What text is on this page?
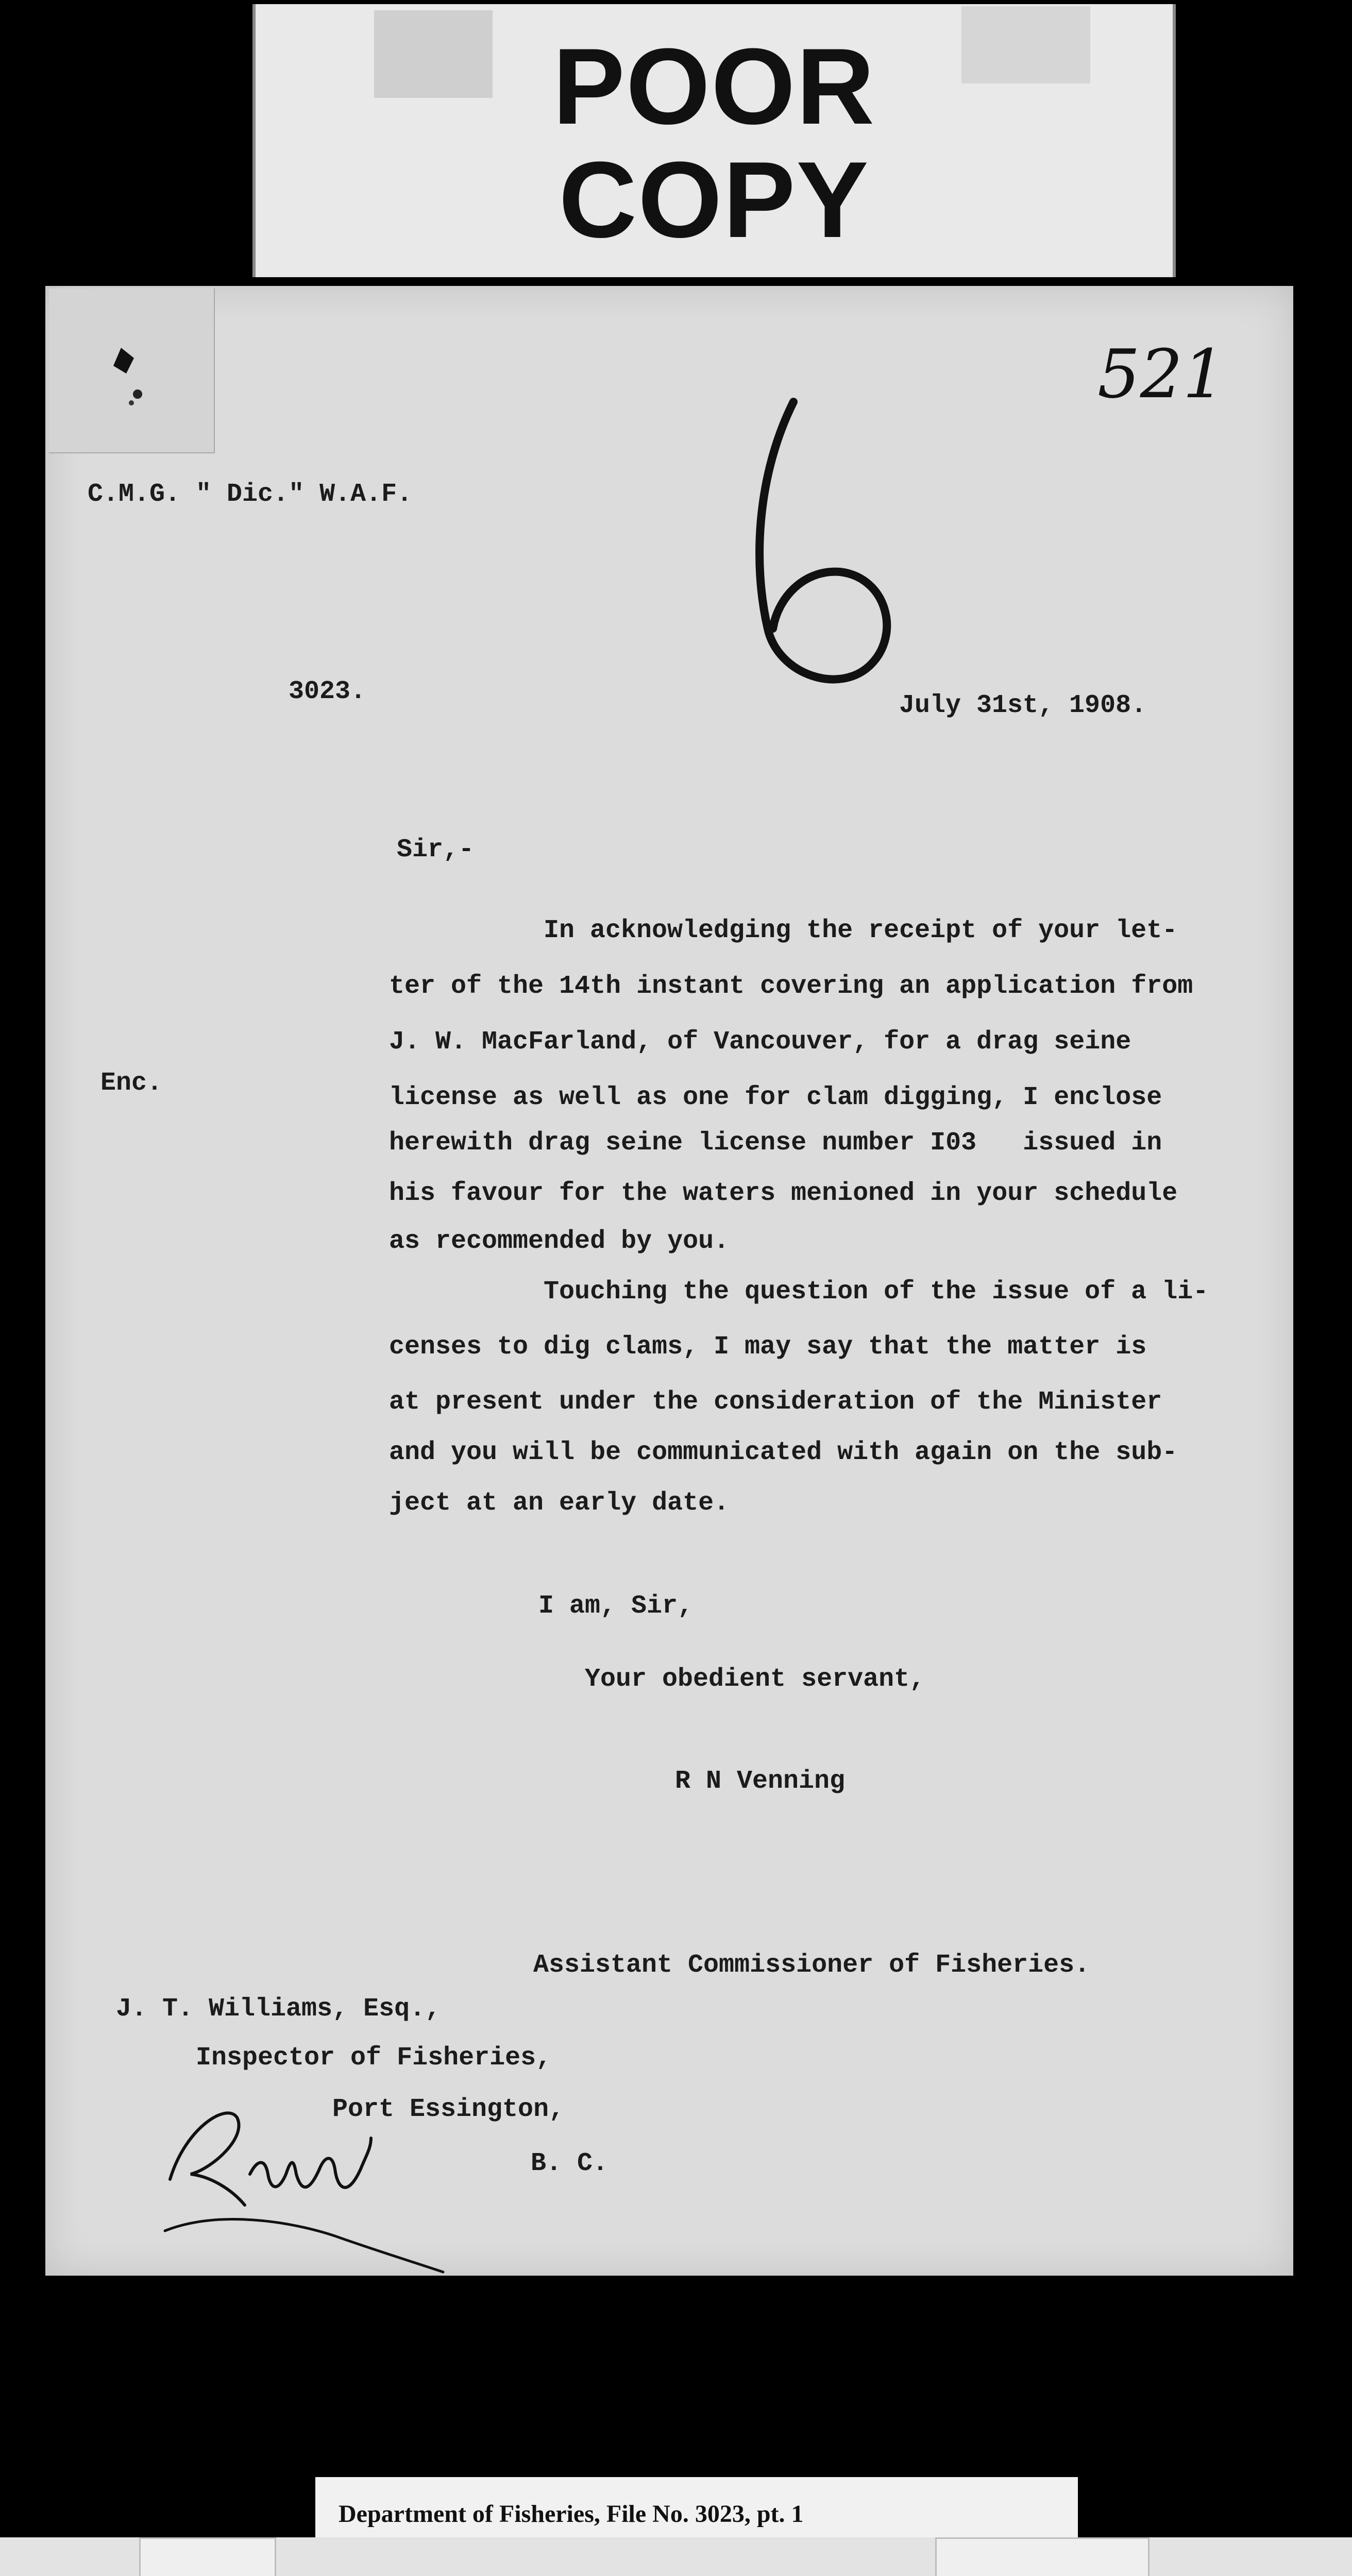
POOR
COPY
521
C.M.G. " Dic." W.A.F.
3023.	July 31st, 1908.
Sir,-
In acknowledging the receipt of your let-
ter of the 14th instant covering an application from
J. W. MacFarland, of Vancouver, for a drag seine
Enc.	license as well as one for clam digging, I enclose
herewith drag seine license number I03   issued in
his favour for the waters menioned in your schedule
as recommended by you.
Touching the question of the issue of a li-
censes to dig clams, I may say that the matter is
at present under the consideration of the Minister
and you will be communicated with again on the sub-
ject at an early date.
I am, Sir,
Your obedient servant,
R N Venning
Assistant Commissioner of Fisheries.
J. T. Williams, Esq.,
Inspector of Fisheries,
Port Essington,
B. C.
Department of Fisheries, File No. 3023, pt. 1
